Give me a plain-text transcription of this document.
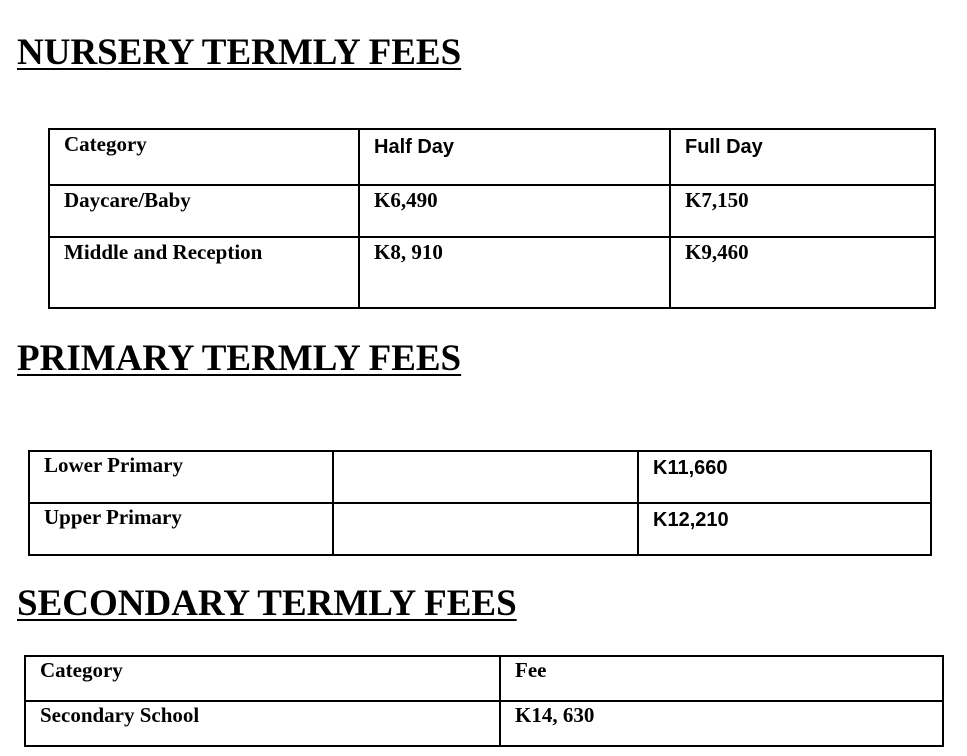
NURSERY TERMLY FEES
Category	Half Day	Full Day
Daycare/Baby	K6,490	K7,150
Middle and Reception	K8, 910	K9,460
PRIMARY TERMLY FEES
Lower Primary		K11,660
Upper Primary		K12,210
SECONDARY TERMLY FEES
Category	Fee
Secondary School	K14, 630
